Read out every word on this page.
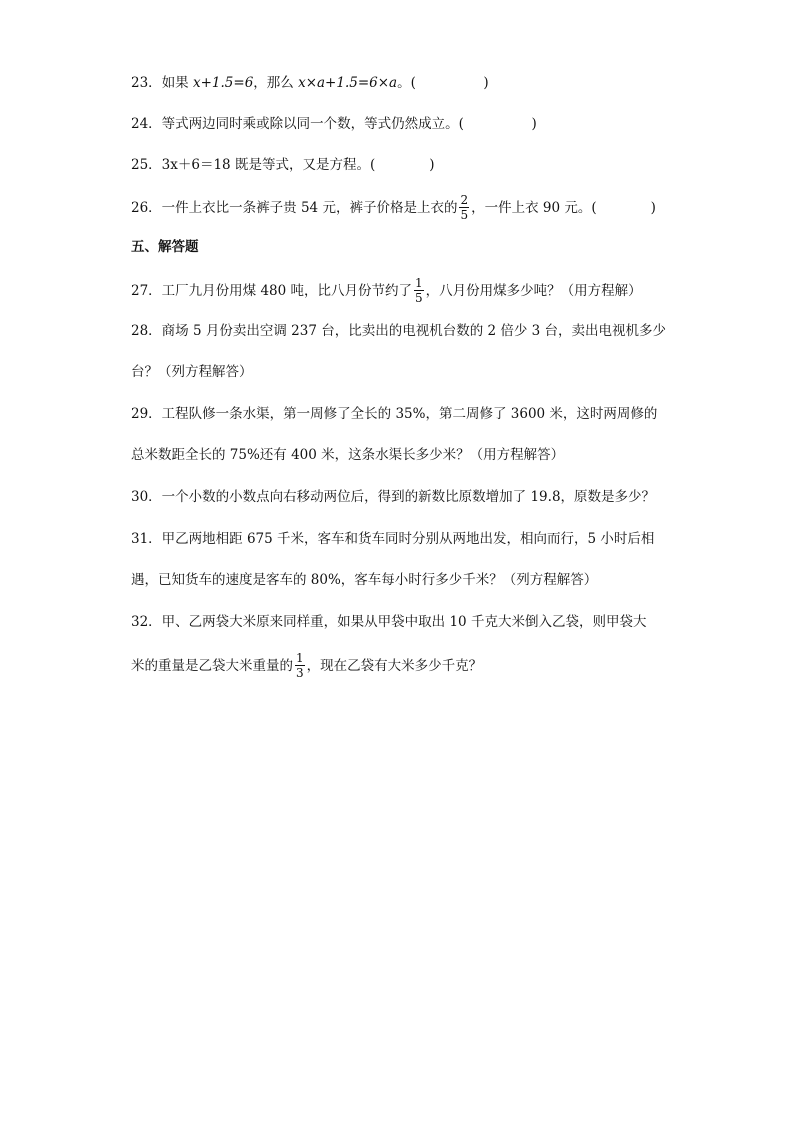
23．如果 x+1.5=6，那么 x×a+1.5=6×a。(　　　　　)
24．等式两边同时乘或除以同一个数，等式仍然成立。(　　　　　)
25．3x＋6＝18 既是等式，又是方程。(　　　　)
26．一件上衣比一条裤子贵 54 元，裤子价格是上衣的 $\frac{2}{5}$ ，一件上衣 90 元。(　　　　)
五、解答题
27．工厂九月份用煤 480 吨，比八月份节约了 $\frac{1}{5}$ ，八月份用煤多少吨？（用方程解）
28．商场 5 月份卖出空调 237 台，比卖出的电视机台数的 2 倍少 3 台，卖出电视机多少
台？（列方程解答）
29．工程队修一条水渠，第一周修了全长的 35%，第二周修了 3600 米，这时两周修的
总米数距全长的 75%还有 400 米，这条水渠长多少米？（用方程解答）
30．一个小数的小数点向右移动两位后，得到的新数比原数增加了 19.8，原数是多少？
31．甲乙两地相距 675 千米，客车和货车同时分别从两地出发，相向而行，5 小时后相
遇，已知货车的速度是客车的 80%，客车每小时行多少千米？（列方程解答）
32．甲、乙两袋大米原来同样重，如果从甲袋中取出 10 千克大米倒入乙袋，则甲袋大
米的重量是乙袋大米重量的 $\frac{1}{3}$ ，现在乙袋有大米多少千克？
